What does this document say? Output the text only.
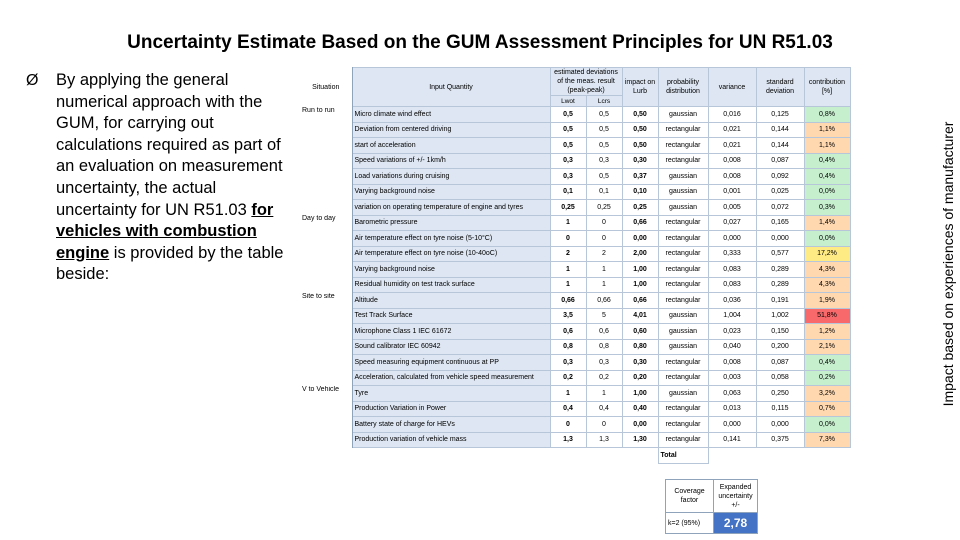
Uncertainty Estimate Based on the GUM Assessment Principles for UN R51.03
Ø By applying the general numerical approach with the GUM, for carrying out calculations required as part of an evaluation on measurement uncertainty, the actual uncertainty for UN R51.03 for vehicles with combustion engine is provided by the table beside:	Impact based on experiences of manufacturer
Situation	Input Quantity	estimated deviations of the meas. result (peak-peak)		impact on Lurb	probability distribution	variance	standard deviation	contribution [%]
		Lwot	Lcrs					
Run to run	Micro climate wind effect	0,5	0,5	0,50	gaussian	0,016	0,125	0,8%
	Deviation from centered driving	0,5	0,5	0,50	rectangular	0,021	0,144	1,1%
	start of acceleration	0,5	0,5	0,50	rectangular	0,021	0,144	1,1%
	Speed variations of +/- 1km/h	0,3	0,3	0,30	rectangular	0,008	0,087	0,4%
	Load variations during cruising	0,3	0,5	0,37	gaussian	0,008	0,092	0,4%
	Varying background noise	0,1	0,1	0,10	gaussian	0,001	0,025	0,0%
	variation on operating temperature of engine and tyres	0,25	0,25	0,25	gaussian	0,005	0,072	0,3%
Day to day	Barometric pressure	1	0	0,66	rectangular	0,027	0,165	1,4%
	Air temperature effect on tyre noise (5-10°C)	0	0	0,00	rectangular	0,000	0,000	0,0%
	Air temperature effect on tyre noise (10-40oC)	2	2	2,00	rectangular	0,333	0,577	17,2%
	Varying background noise	1	1	1,00	rectangular	0,083	0,289	4,3%
	Residual humidity on test track surface	1	1	1,00	rectangular	0,083	0,289	4,3%
Site to site	Altitude	0,66	0,66	0,66	rectangular	0,036	0,191	1,9%
	Test Track Surface	3,5	5	4,01	gaussian	1,004	1,002	51,8%
	Microphone Class 1 IEC 61672	0,6	0,6	0,60	gaussian	0,023	0,150	1,2%
	Sound calibrator IEC 60942	0,8	0,8	0,80	gaussian	0,040	0,200	2,1%
	Speed measuring equipment continuous at PP	0,3	0,3	0,30	rectangular	0,008	0,087	0,4%
	Acceleration, calculated from vehicle speed measurement	0,2	0,2	0,20	rectangular	0,003	0,058	0,2%
V to Vehicle	Tyre	1	1	1,00	gaussian	0,063	0,250	3,2%
	Production Variation in Power	0,4	0,4	0,40	rectangular	0,013	0,115	0,7%
	Battery state of charge for HEVs	0	0	0,00	rectangular	0,000	0,000	0,0%
	Production variation of vehicle mass	1,3	1,3	1,30	rectangular	0,141	0,375	7,3%
					Total	1,94	1,39	100,0%
Coverage factor	Expanded uncertainty +/-
k=2 (95%)	2,78
